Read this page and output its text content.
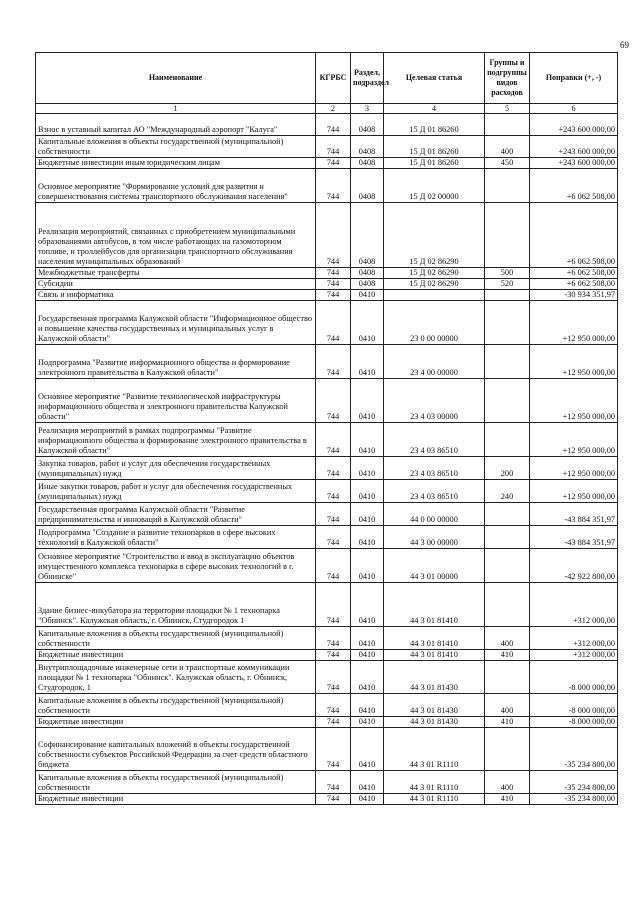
69
Наименование	КГРБС	Раздел, подраздел	Целевая статья	Группы и подгруппы видов расходов	Поправки (+, -)
1	2	3	4	5	6
Взнос в уставный капитал АО "Международный аэропорт "Калуга"	744	0408	15 Д 01 86260		+243 600 000,00
Капитальные вложения в объекты государственной (муниципальной) собственности	744	0408	15 Д 01 86260	400	+243 600 000,00
Бюджетные инвестиции иным юридическим лицам	744	0408	15 Д 01 86260	450	+243 600 000,00
Основное мероприятие "Формирование условий для развития и совершенствования системы транспортного обслуживания населения"	744	0408	15 Д 02 00000		+6 062 508,00
Реализация мероприятий, связанных с приобретением муниципальными образованиями автобусов, в том числе работающих на газомоторном топливе, и троллейбусов для организации транспортного обслуживания населения муниципальных образований	744	0408	15 Д 02 86290		+6 062 508,00
Межбюджетные трансферты	744	0408	15 Д 02 86290	500	+6 062 508,00
Субсидии	744	0408	15 Д 02 86290	520	+6 062 508,00
Связь и информатика	744	0410			-30 934 351,97
Государственная программа Калужской области "Информационное общество и повышение качества государственных и муниципальных услуг в Калужской области"	744	0410	23 0 00 00000		+12 950 000,00
Подпрограмма "Развитие информационного общества и формирование электронного правительства в Калужской области"	744	0410	23 4 00 00000		+12 950 000,00
Основное мероприятие "Развитие технологической инфраструктуры информационного общества и электронного правительства Калужской области"	744	0410	23 4 03 00000		+12 950 000,00
Реализация мероприятий в рамках подпрограммы "Развитие информационного общества и формирование электронного правительства в Калужской области"	744	0410	23 4 03 86510		+12 950 000,00
Закупка товаров, работ и услуг для обеспечения государственных (муниципальных) нужд	744	0410	23 4 03 86510	200	+12 950 000,00
Иные закупки товаров, работ и услуг для обеспечения государственных (муниципальных) нужд	744	0410	23 4 03 86510	240	+12 950 000,00
Государственная программа Калужской области "Развитие предпринимательства и инноваций в Калужской области"	744	0410	44 0 00 00000		-43 884 351,97
Подпрограмма "Создание и развитие технопарков в сфере высоких технологий в Калужской области"	744	0410	44 3 00 00000		-43 884 351,97
Основное мероприятие "Строительство и ввод в эксплуатацию объектов имущественного комплекса технопарка в сфере высоких технологий в г. Обнинске"	744	0410	44 3 01 00000		-42 922 800,00
Здание бизнес-инкубатора на территории площадки № 1 технопарка "Обнинск". Калужская область, г. Обнинск, Студгородок 1	744	0410	44 3 01 81410		+312 000,00
Капитальные вложения в объекты государственной (муниципальной) собственности	744	0410	44 3 01 81410	400	+312 000,00
Бюджетные инвестиции	744	0410	44 3 01 81410	410	+312 000,00
Внутриплощадочные инженерные сети и транспортные коммуникации площадки № 1 технопарка "Обнинск". Калужская область, г. Обнинск, Студгородок, 1	744	0410	44 3 01 81430		-8 000 000,00
Капитальные вложения в объекты государственной (муниципальной) собственности	744	0410	44 3 01 81430	400	-8 000 000,00
Бюджетные инвестиции	744	0410	44 3 01 81430	410	-8 000 000,00
Софинансирование капитальных вложений в объекты государственной собственности субъектов Российской Федерации за счет средств областного бюджета	744	0410	44 3 01 R1110		-35 234 800,00
Капитальные вложения в объекты государственной (муниципальной) собственности	744	0410	44 3 01 R1110	400	-35 234 800,00
Бюджетные инвестиции	744	0410	44 3 01 R1110	410	-35 234 800,00
